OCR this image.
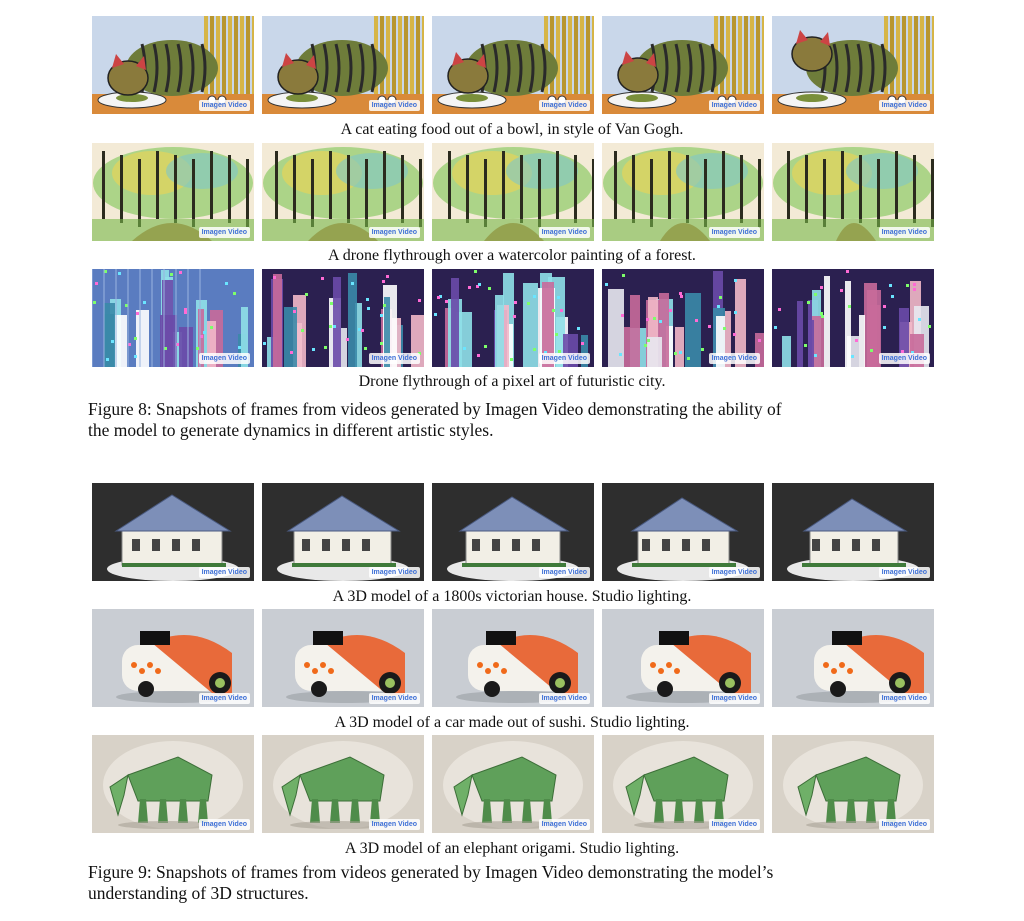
Imagen Video	Imagen Video	Imagen Video	Imagen Video	Imagen Video
A cat eating food out of a bowl, in style of Van Gogh.
Imagen Video	Imagen Video	Imagen Video	Imagen Video	Imagen Video
A drone flythrough over a watercolor painting of a forest.
Imagen Video	Imagen Video	Imagen Video	Imagen Video	Imagen Video
Drone flythrough of a pixel art of futuristic city.
Figure 8: Snapshots of frames from videos generated by Imagen Video demonstrating the ability of
the model to generate dynamics in different artistic styles.
Imagen Video	Imagen Video	Imagen Video	Imagen Video	Imagen Video
A 3D model of a 1800s victorian house. Studio lighting.
Imagen Video	Imagen Video	Imagen Video	Imagen Video	Imagen Video
A 3D model of a car made out of sushi. Studio lighting.
Imagen Video	Imagen Video	Imagen Video	Imagen Video	Imagen Video
A 3D model of an elephant origami. Studio lighting.
Figure 9: Snapshots of frames from videos generated by Imagen Video demonstrating the model’s
understanding of 3D structures.
